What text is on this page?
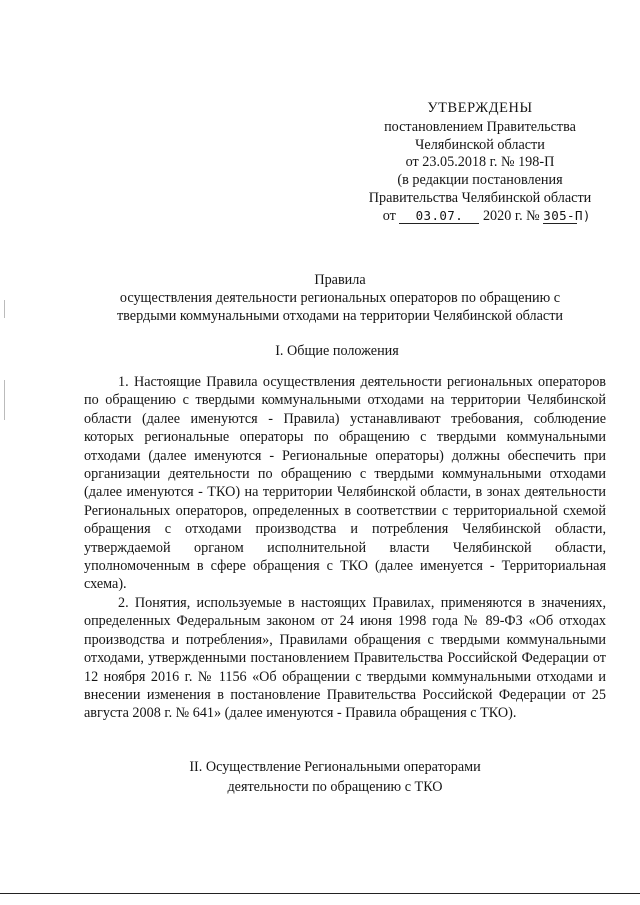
УТВЕРЖДЕНЫ
постановлением Правительства
Челябинской области
от 23.05.2018 г. № 198-П
(в редакции постановления
Правительства Челябинской области
от 03.07. 2020 г. № 305-П)
Правила
осуществления деятельности региональных операторов по обращению с
твердыми коммунальными отходами на территории Челябинской области
I. Общие положения

1. Настоящие Правила осуществления деятельности региональных операторов по обращению с твердыми коммунальными отходами на территории Челябинской области (далее именуются - Правила) устанавливают требования, соблюдение которых региональные операторы по обращению с твердыми коммунальными отходами (далее именуются - Региональные операторы) должны обеспечить при организации деятельности по обращению с твердыми коммунальными отходами (далее именуются - ТКО) на территории Челябинской области, в зонах деятельности Региональных операторов, определенных в соответствии с территориальной схемой обращения с отходами производства и потребления Челябинской области, утверждаемой органом исполнительной власти Челябинской области, уполномоченным в сфере обращения с ТКО (далее именуется - Территориальная схема).

2. Понятия, используемые в настоящих Правилах, применяются в значениях, определенных Федеральным законом от 24 июня 1998 года № 89-ФЗ «Об отходах производства и потребления», Правилами обращения с твердыми коммунальными отходами, утвержденными постановлением Правительства Российской Федерации от 12 ноября 2016 г. № 1156 «Об обращении с твердыми коммунальными отходами и внесении изменения в постановление Правительства Российской Федерации от 25 августа 2008 г. № 641» (далее именуются - Правила обращения с ТКО).

II. Осуществление Региональными операторами
деятельности по обращению с ТКО
